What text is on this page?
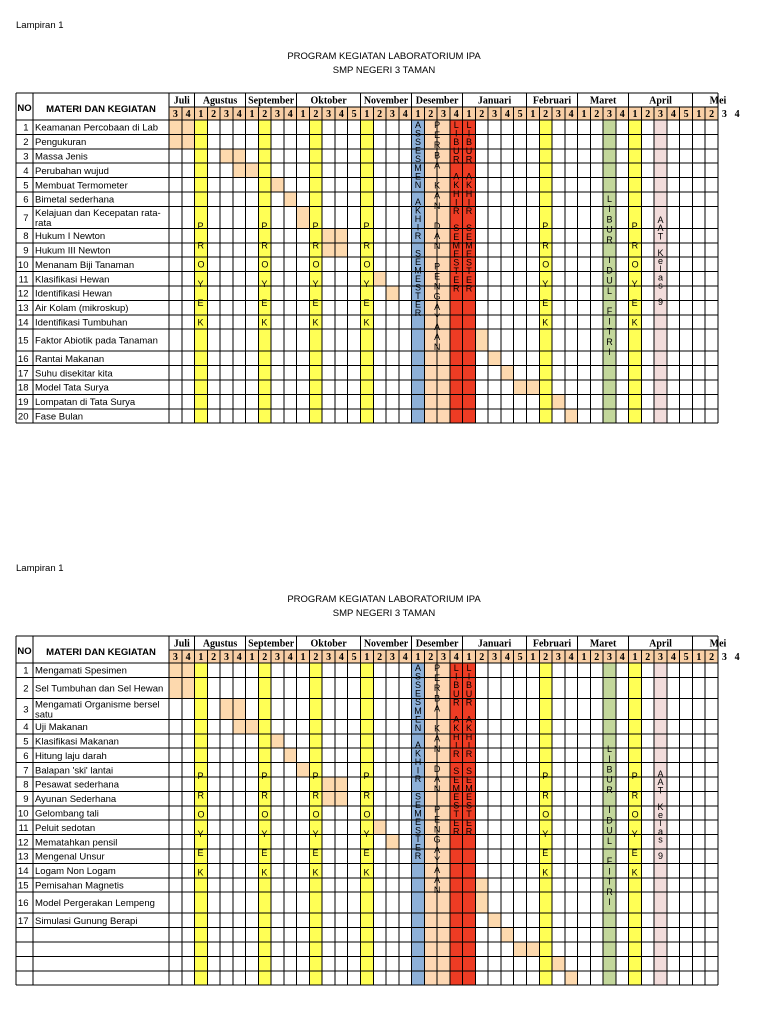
Lampiran 1
PROGRAM KEGIATAN LABORATORIUM IPA
SMP NEGERI 3 TAMAN
Lampiran 1
PROGRAM KEGIATAN LABORATORIUM IPA
SMP NEGERI 3 TAMAN
NO MATERI DAN KEGIATAN
Juli
3 4
Agustus
1 2 3 4
September
1 2 3 4
Oktober
1 2 3 4 5
November
1 2 3 4
Desember
1 2 3 4
Januari
1 2 3 4 5
Februari
1 2 3 4
Maret
1 2 3 4
April
1 2 3 4 5
Mei
1 2 3 4
1 Keamanan Percobaan di Lab
2 Pengukuran
3 Massa Jenis
4 Perubahan wujud
5 Membuat Termometer
6 Bimetal sederhana
7 Kelajuan dan Kecepatan rata-
rata
8 Hukum I Newton
9 Hukum III Newton
10 Menanam Biji Tanaman
11 Klasifikasi Hewan
12 Identifikasi Hewan
13 Air Kolam (mikroskup)
14 Identifikasi Tumbuhan
15 Faktor Abiotik pada Tanaman
16 Rantai Makanan
17 Suhu disekitar kita
18 Model Tata Surya
19 Lompatan di Tata Surya
20 Fase Bulan
P
R
O
Y
E
K
P
R
O
Y
E
K
P
R
O
Y
E
K
P
R
O
Y
E
K
P
R
O
Y
E
K
P
R
O
Y
E
K
A
S
S
E
S
M
E
N
A
K
H
I
R
S
E
M
E
S
T
E
R
P
E
R
B
A
I
K
A
N
D
A
N
P
E
N
G
A
Y
A
A
N
L
I
B
U
R
A
K
H
I
R
S
E
M
E
S
T
E
R
L
I
B
U
R
A
K
H
I
R
S
E
M
E
S
T
E
R
L
I
B
U
R
I
D
U
L
F
I
T
R
I
A
A
T
K
e
l
a
s
9
NO MATERI DAN KEGIATAN
Juli
3 4
Agustus
1 2 3 4
September
1 2 3 4
Oktober
1 2 3 4 5
November
1 2 3 4
Desember
1 2 3 4
Januari
1 2 3 4 5
Februari
1 2 3 4
Maret
1 2 3 4
April
1 2 3 4 5
Mei
1 2 3 4
1 Mengamati Spesimen
2 Sel Tumbuhan dan Sel Hewan
3 Mengamati Organisme bersel
satu
4 Uji Makanan
5 Klasifikasi Makanan
6 Hitung laju darah
7 Balapan 'ski' lantai
8 Pesawat sederhana
9 Ayunan Sederhana
10 Gelombang tali
11 Peluit sedotan
12 Mematahkan pensil
13 Mengenal Unsur
14 Logam Non Logam
15 Pemisahan Magnetis
16 Model Pergerakan Lempeng
17 Simulasi Gunung Berapi
P
R
O
Y
E
K
P
R
O
Y
E
K
P
R
O
Y
E
K
P
R
O
Y
E
K
P
R
O
Y
E
K
P
R
O
Y
E
K
A
S
S
E
S
M
E
N
A
K
H
I
R
S
E
M
E
S
T
E
R
P
E
R
B
A
I
K
A
N
D
A
N
P
E
N
G
A
Y
A
A
N
L
I
B
U
R
A
K
H
I
R
S
E
M
E
S
T
E
R
L
I
B
U
R
A
K
H
I
R
S
E
M
E
S
T
E
R
L
I
B
U
R
I
D
U
L
F
I
T
R
I
A
A
T
K
e
l
a
s
9
